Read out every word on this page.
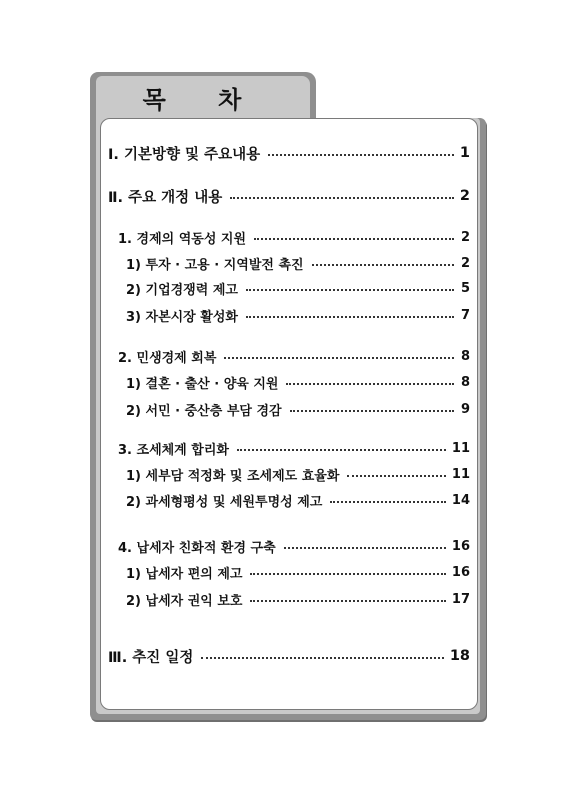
목 차
Ⅰ. 기본방향 및 주요내용	1
Ⅱ. 주요 개정 내용	2
1. 경제의 역동성 지원	2
1) 투자 · 고용 · 지역발전 촉진	2
2) 기업경쟁력 제고	5
3) 자본시장 활성화	7
2. 민생경제 회복	8
1) 결혼 · 출산 · 양육 지원	8
2) 서민 · 중산층 부담 경감	9
3. 조세체계 합리화	11
1) 세부담 적정화 및 조세제도 효율화	11
2) 과세형평성 및 세원투명성 제고	14
4. 납세자 친화적 환경 구축	16
1) 납세자 편의 제고	16
2) 납세자 권익 보호	17
Ⅲ. 추진 일정	18
